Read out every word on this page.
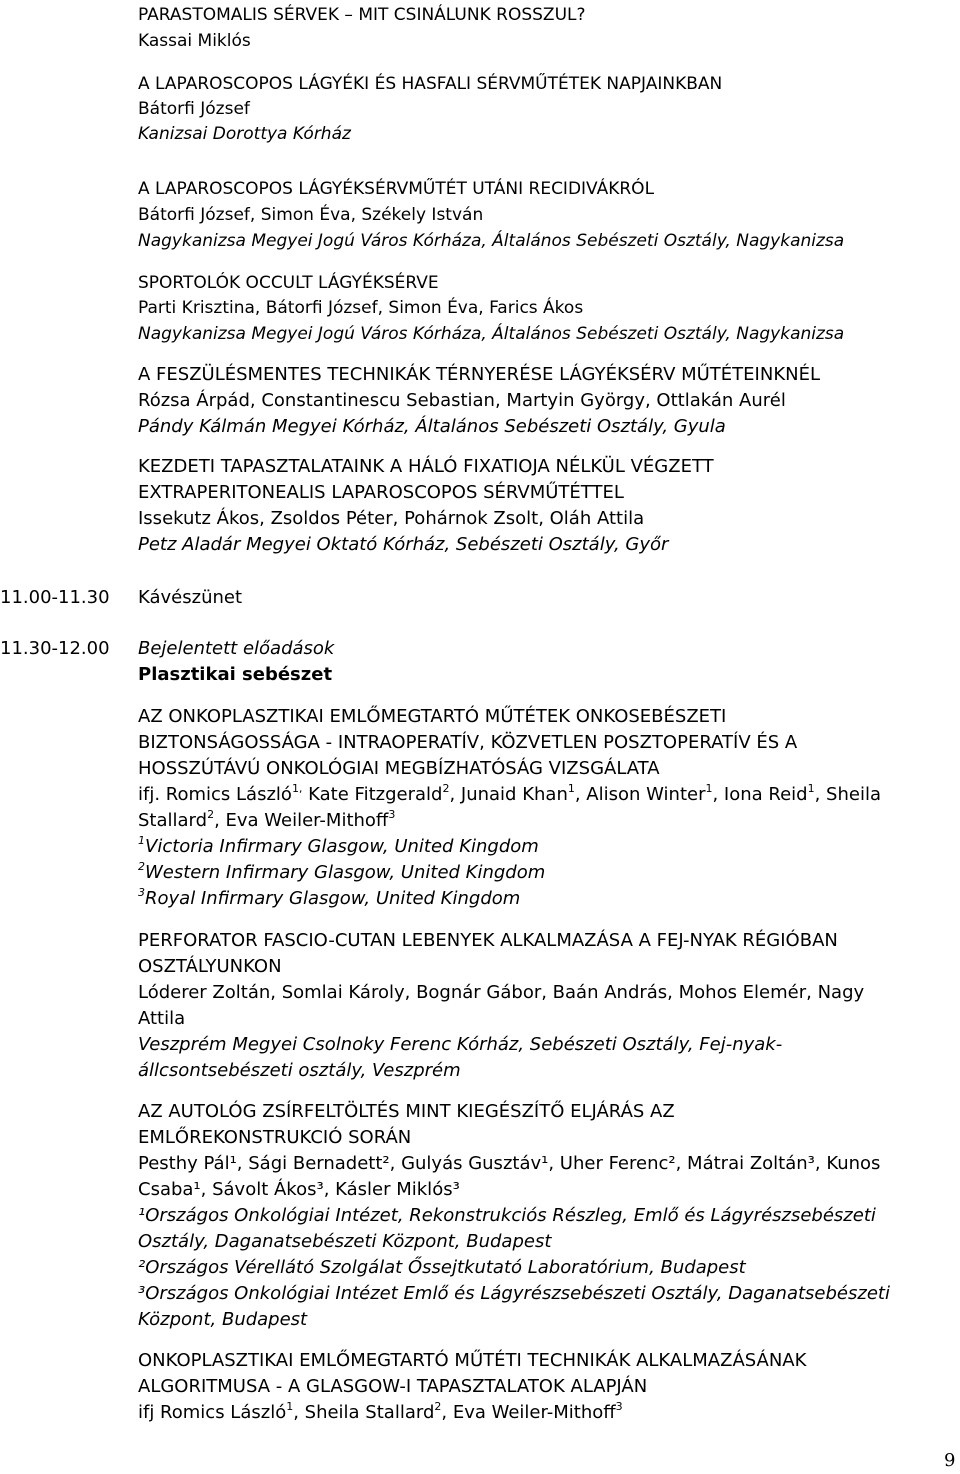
PARASTOMALIS SÉRVEK – MIT CSINÁLUNK ROSSZUL?
Kassai Miklós
A LAPAROSCOPOS LÁGYÉKI ÉS HASFALI SÉRVMŰTÉTEK NAPJAINKBAN
Bátorfi József
Kanizsai Dorottya Kórház
A LAPAROSCOPOS LÁGYÉKSÉRVMŰTÉT UTÁNI RECIDIVÁKRÓL
Bátorfi József, Simon Éva, Székely István
Nagykanizsa Megyei Jogú Város Kórháza, Általános Sebészeti Osztály, Nagykanizsa
SPORTOLÓK OCCULT LÁGYÉKSÉRVE
Parti Krisztina, Bátorfi József, Simon Éva, Farics Ákos
Nagykanizsa Megyei Jogú Város Kórháza, Általános Sebészeti Osztály, Nagykanizsa
A FESZÜLÉSMENTES TECHNIKÁK TÉRNYERÉSE LÁGYÉKSÉRV MŰTÉTEINKNÉL
Rózsa Árpád, Constantinescu Sebastian, Martyin György, Ottlakán Aurél
Pándy Kálmán Megyei Kórház, Általános Sebészeti Osztály, Gyula
KEZDETI TAPASZTALATAINK A HÁLÓ FIXATIOJA NÉLKÜL VÉGZETT
EXTRAPERITONEALIS LAPAROSCOPOS SÉRVMŰTÉTTEL
Issekutz Ákos, Zsoldos Péter, Pohárnok Zsolt, Oláh Attila
Petz Aladár Megyei Oktató Kórház, Sebészeti Osztály, Győr
11.00-11.30 Kávészünet
11.30-12.00 Bejelentett előadások
Plasztikai sebészet
AZ ONKOPLASZTIKAI EMLŐMEGTARTÓ MŰTÉTEK ONKOSEBÉSZETI
BIZTONSÁGOSSÁGA - INTRAOPERATÍV, KÖZVETLEN POSZTOPERATÍV ÉS A
HOSSZÚTÁVÚ ONKOLÓGIAI MEGBÍZHATÓSÁG VIZSGÁLATA
ifj. Romics László$^{1,}$ Kate Fitzgerald$^2$, Junaid Khan$^1$, Alison Winter$^1$, Iona Reid$^1$, Sheila
Stallard$^2$, Eva Weiler-Mithoff$^3$
$^1$Victoria Infirmary Glasgow, United Kingdom
$^2$Western Infirmary Glasgow, United Kingdom
$^3$Royal Infirmary Glasgow, United Kingdom
PERFORATOR FASCIO-CUTAN LEBENYEK ALKALMAZÁSA A FEJ-NYAK RÉGIÓBAN
OSZTÁLYUNKON
Lóderer Zoltán, Somlai Károly, Bognár Gábor, Baán András, Mohos Elemér, Nagy
Attila
Veszprém Megyei Csolnoky Ferenc Kórház, Sebészeti Osztály, Fej-nyak-
állcsontsebészeti osztály, Veszprém
AZ AUTOLÓG ZSÍRFELTÖLTÉS MINT KIEGÉSZÍTŐ ELJÁRÁS AZ
EMLŐREKONSTRUKCIÓ SORÁN
Pesthy Pál¹, Sági Bernadett², Gulyás Gusztáv¹, Uher Ferenc², Mátrai Zoltán³, Kunos
Csaba¹, Sávolt Ákos³, Kásler Miklós³
¹Országos Onkológiai Intézet, Rekonstrukciós Részleg, Emlő és Lágyrészsebészeti
Osztály, Daganatsebészeti Központ, Budapest
²Országos Vérellátó Szolgálat Őssejtkutató Laboratórium, Budapest
³Országos Onkológiai Intézet Emlő és Lágyrészsebészeti Osztály, Daganatsebészeti
Központ, Budapest
ONKOPLASZTIKAI EMLŐMEGTARTÓ MŰTÉTI TECHNIKÁK ALKALMAZÁSÁNAK
ALGORITMUSA - A GLASGOW-I TAPASZTALATOK ALAPJÁN
ifj Romics László$^1$, Sheila Stallard$^2$, Eva Weiler-Mithoff$^3$
9
